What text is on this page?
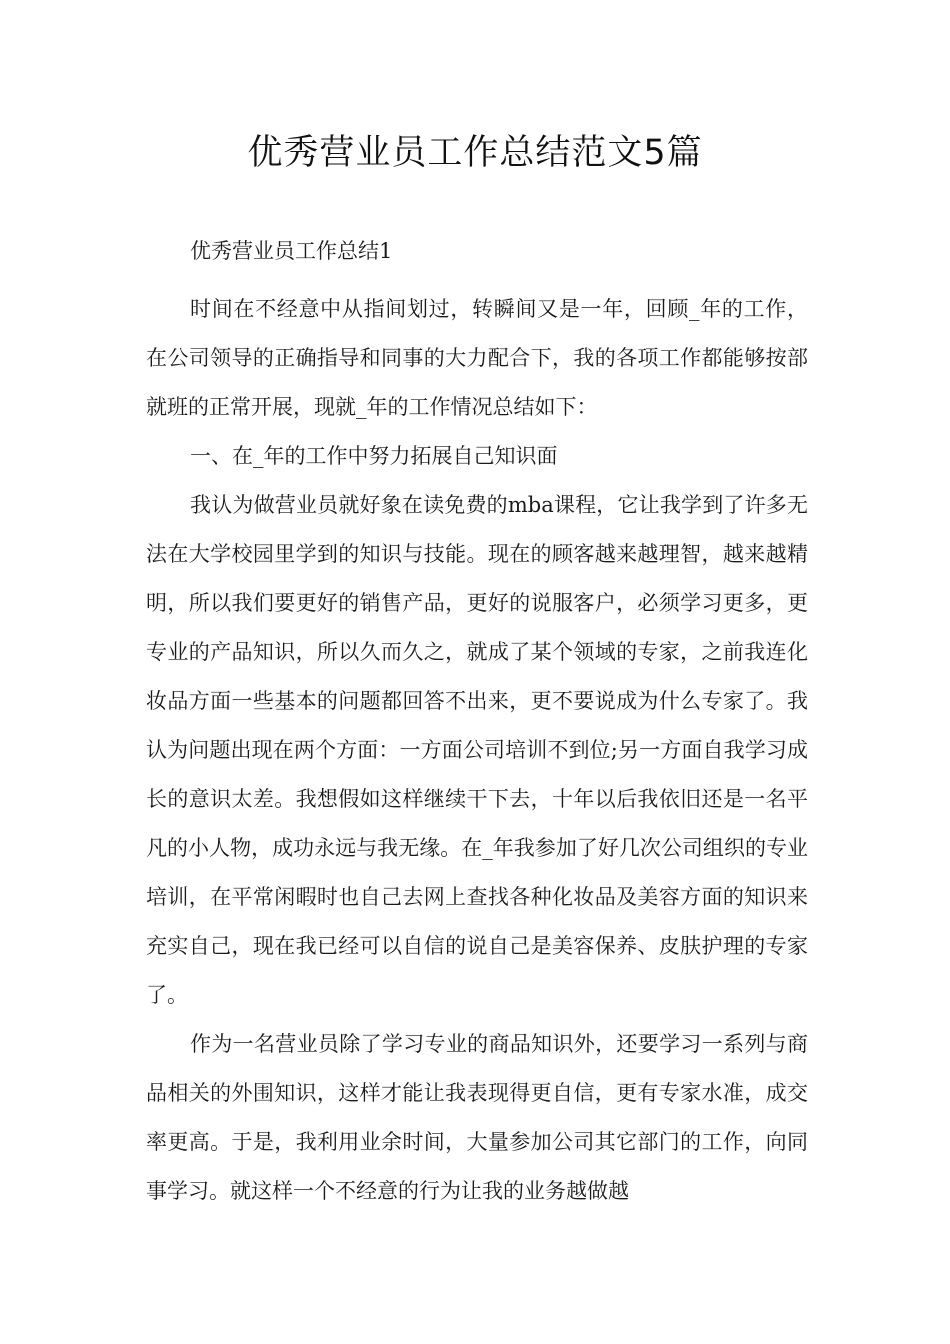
优秀营业员工作总结范文5篇

优秀营业员工作总结1

时间在不经意中从指间划过，转瞬间又是一年，回顾_年的工作，在公司领导的正确指导和同事的大力配合下，我的各项工作都能够按部就班的正常开展，现就_年的工作情况总结如下：

一、在_年的工作中努力拓展自己知识面

我认为做营业员就好象在读免费的mba课程，它让我学到了许多无法在大学校园里学到的知识与技能。现在的顾客越来越理智，越来越精明，所以我们要更好的销售产品，更好的说服客户，必须学习更多，更专业的产品知识，所以久而久之，就成了某个领域的专家，之前我连化妆品方面一些基本的问题都回答不出来，更不要说成为什么专家了。我认为问题出现在两个方面：一方面公司培训不到位;另一方面自我学习成长的意识太差。我想假如这样继续干下去，十年以后我依旧还是一名平凡的小人物，成功永远与我无缘。在_年我参加了好几次公司组织的专业培训，在平常闲暇时也自己去网上查找各种化妆品及美容方面的知识来充实自己，现在我已经可以自信的说自己是美容保养、皮肤护理的专家了。

作为一名营业员除了学习专业的商品知识外，还要学习一系列与商品相关的外围知识，这样才能让我表现得更自信，更有专家水准，成交率更高。于是，我利用业余时间，大量参加公司其它部门的工作，向同事学习。就这样一个不经意的行为让我的业务越做越
